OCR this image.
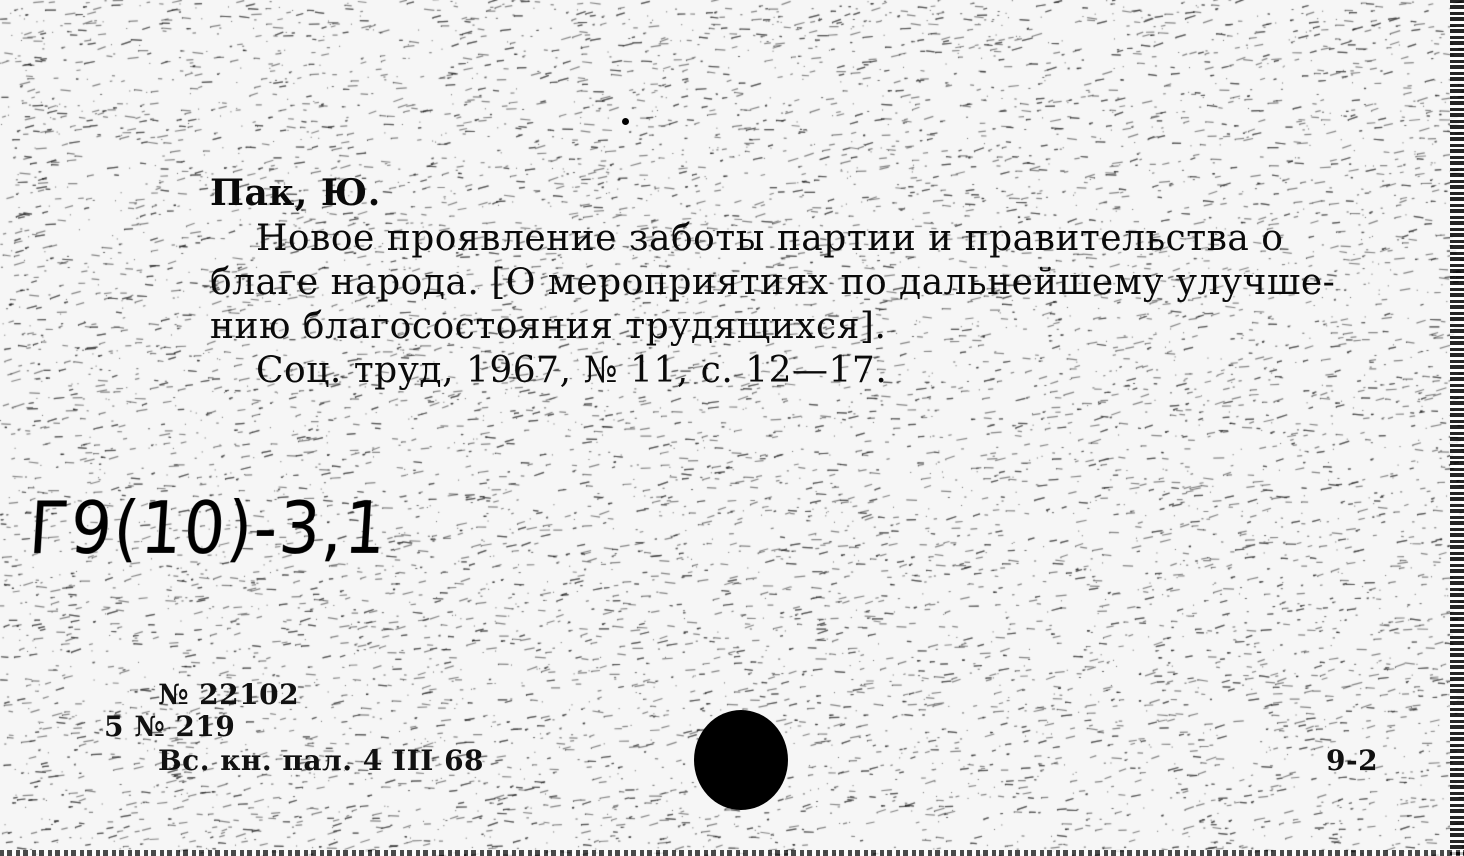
Пак, Ю.
Новое проявление заботы партии и правительства о
благе народа. [О мероприятиях по дальнейшему улучше-
нию благосостояния трудящихся].
Соц. труд, 1967, № 11, с. 12—17.
Г9(10)-3,1
№ 22102
5 № 219
Вс. кн. пал. 4 III 68	9-2
